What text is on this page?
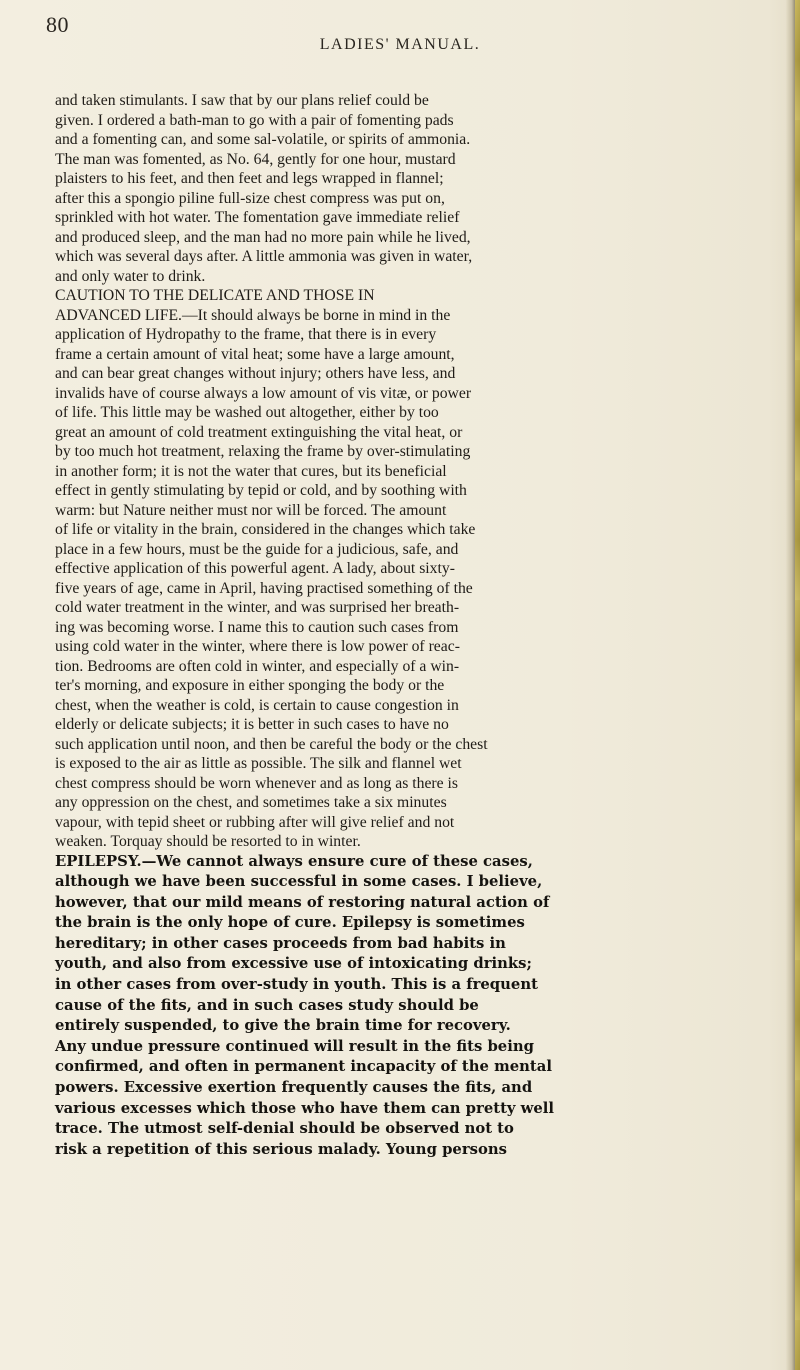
80
LADIES' MANUAL.
and taken stimulants. I saw that by our plans relief could be
given. I ordered a bath-man to go with a pair of fomenting pads
and a fomenting can, and some sal-volatile, or spirits of ammonia.
The man was fomented, as No. 64, gently for one hour, mustard
plaisters to his feet, and then feet and legs wrapped in flannel;
after this a spongio piline full-size chest compress was put on,
sprinkled with hot water. The fomentation gave immediate relief
and produced sleep, and the man had no more pain while he lived,
which was several days after. A little ammonia was given in water,
and only water to drink.
CAUTION TO THE DELICATE AND THOSE IN
ADVANCED LIFE.—It should always be borne in mind in the
application of Hydropathy to the frame, that there is in every
frame a certain amount of vital heat; some have a large amount,
and can bear great changes without injury; others have less, and
invalids have of course always a low amount of vis vitæ, or power
of life. This little may be washed out altogether, either by too
great an amount of cold treatment extinguishing the vital heat, or
by too much hot treatment, relaxing the frame by over-stimulating
in another form; it is not the water that cures, but its beneficial
effect in gently stimulating by tepid or cold, and by soothing with
warm: but Nature neither must nor will be forced. The amount
of life or vitality in the brain, considered in the changes which take
place in a few hours, must be the guide for a judicious, safe, and
effective application of this powerful agent. A lady, about sixty-
five years of age, came in April, having practised something of the
cold water treatment in the winter, and was surprised her breath-
ing was becoming worse. I name this to caution such cases from
using cold water in the winter, where there is low power of reac-
tion. Bedrooms are often cold in winter, and especially of a win-
ter's morning, and exposure in either sponging the body or the
chest, when the weather is cold, is certain to cause congestion in
elderly or delicate subjects; it is better in such cases to have no
such application until noon, and then be careful the body or the chest
is exposed to the air as little as possible. The silk and flannel wet
chest compress should be worn whenever and as long as there is
any oppression on the chest, and sometimes take a six minutes
vapour, with tepid sheet or rubbing after will give relief and not
weaken. Torquay should be resorted to in winter.
EPILEPSY.—We cannot always ensure cure of these cases,
although we have been successful in some cases. I believe,
however, that our mild means of restoring natural action of
the brain is the only hope of cure. Epilepsy is sometimes
hereditary; in other cases proceeds from bad habits in
youth, and also from excessive use of intoxicating drinks;
in other cases from over-study in youth. This is a frequent
cause of the fits, and in such cases study should be
entirely suspended, to give the brain time for recovery.
Any undue pressure continued will result in the fits being
confirmed, and often in permanent incapacity of the mental
powers. Excessive exertion frequently causes the fits, and
various excesses which those who have them can pretty well
trace. The utmost self-denial should be observed not to
risk a repetition of this serious malady. Young persons
